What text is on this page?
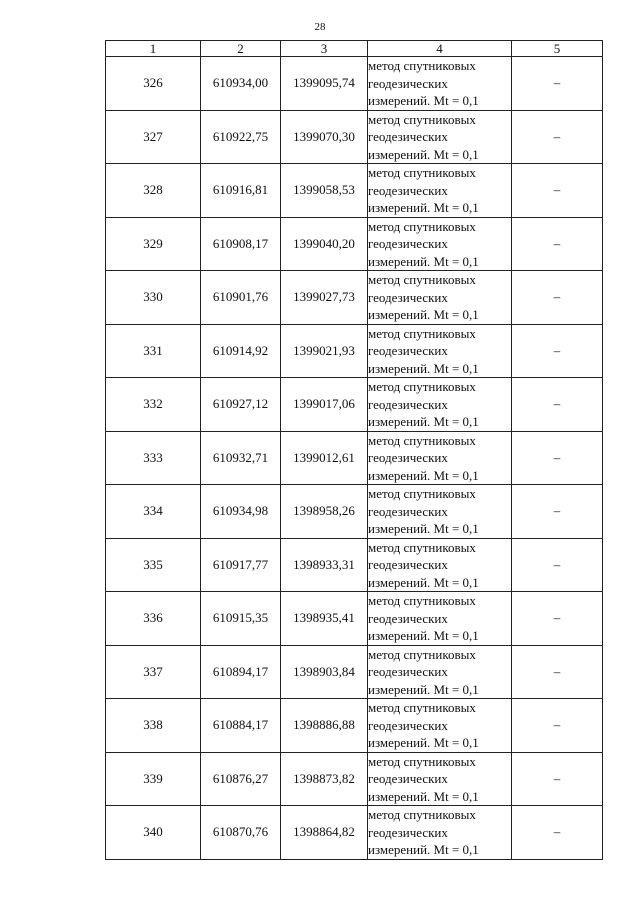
28
1	2	3	4	5
326	610934,00	1399095,74	метод спутниковых
геодезических
измерений. Mt = 0,1	–
327	610922,75	1399070,30	метод спутниковых
геодезических
измерений. Mt = 0,1	–
328	610916,81	1399058,53	метод спутниковых
геодезических
измерений. Mt = 0,1	–
329	610908,17	1399040,20	метод спутниковых
геодезических
измерений. Mt = 0,1	–
330	610901,76	1399027,73	метод спутниковых
геодезических
измерений. Mt = 0,1	–
331	610914,92	1399021,93	метод спутниковых
геодезических
измерений. Mt = 0,1	–
332	610927,12	1399017,06	метод спутниковых
геодезических
измерений. Mt = 0,1	–
333	610932,71	1399012,61	метод спутниковых
геодезических
измерений. Mt = 0,1	–
334	610934,98	1398958,26	метод спутниковых
геодезических
измерений. Mt = 0,1	–
335	610917,77	1398933,31	метод спутниковых
геодезических
измерений. Mt = 0,1	–
336	610915,35	1398935,41	метод спутниковых
геодезических
измерений. Mt = 0,1	–
337	610894,17	1398903,84	метод спутниковых
геодезических
измерений. Mt = 0,1	–
338	610884,17	1398886,88	метод спутниковых
геодезических
измерений. Mt = 0,1	–
339	610876,27	1398873,82	метод спутниковых
геодезических
измерений. Mt = 0,1	–
340	610870,76	1398864,82	метод спутниковых
геодезических
измерений. Mt = 0,1	–
